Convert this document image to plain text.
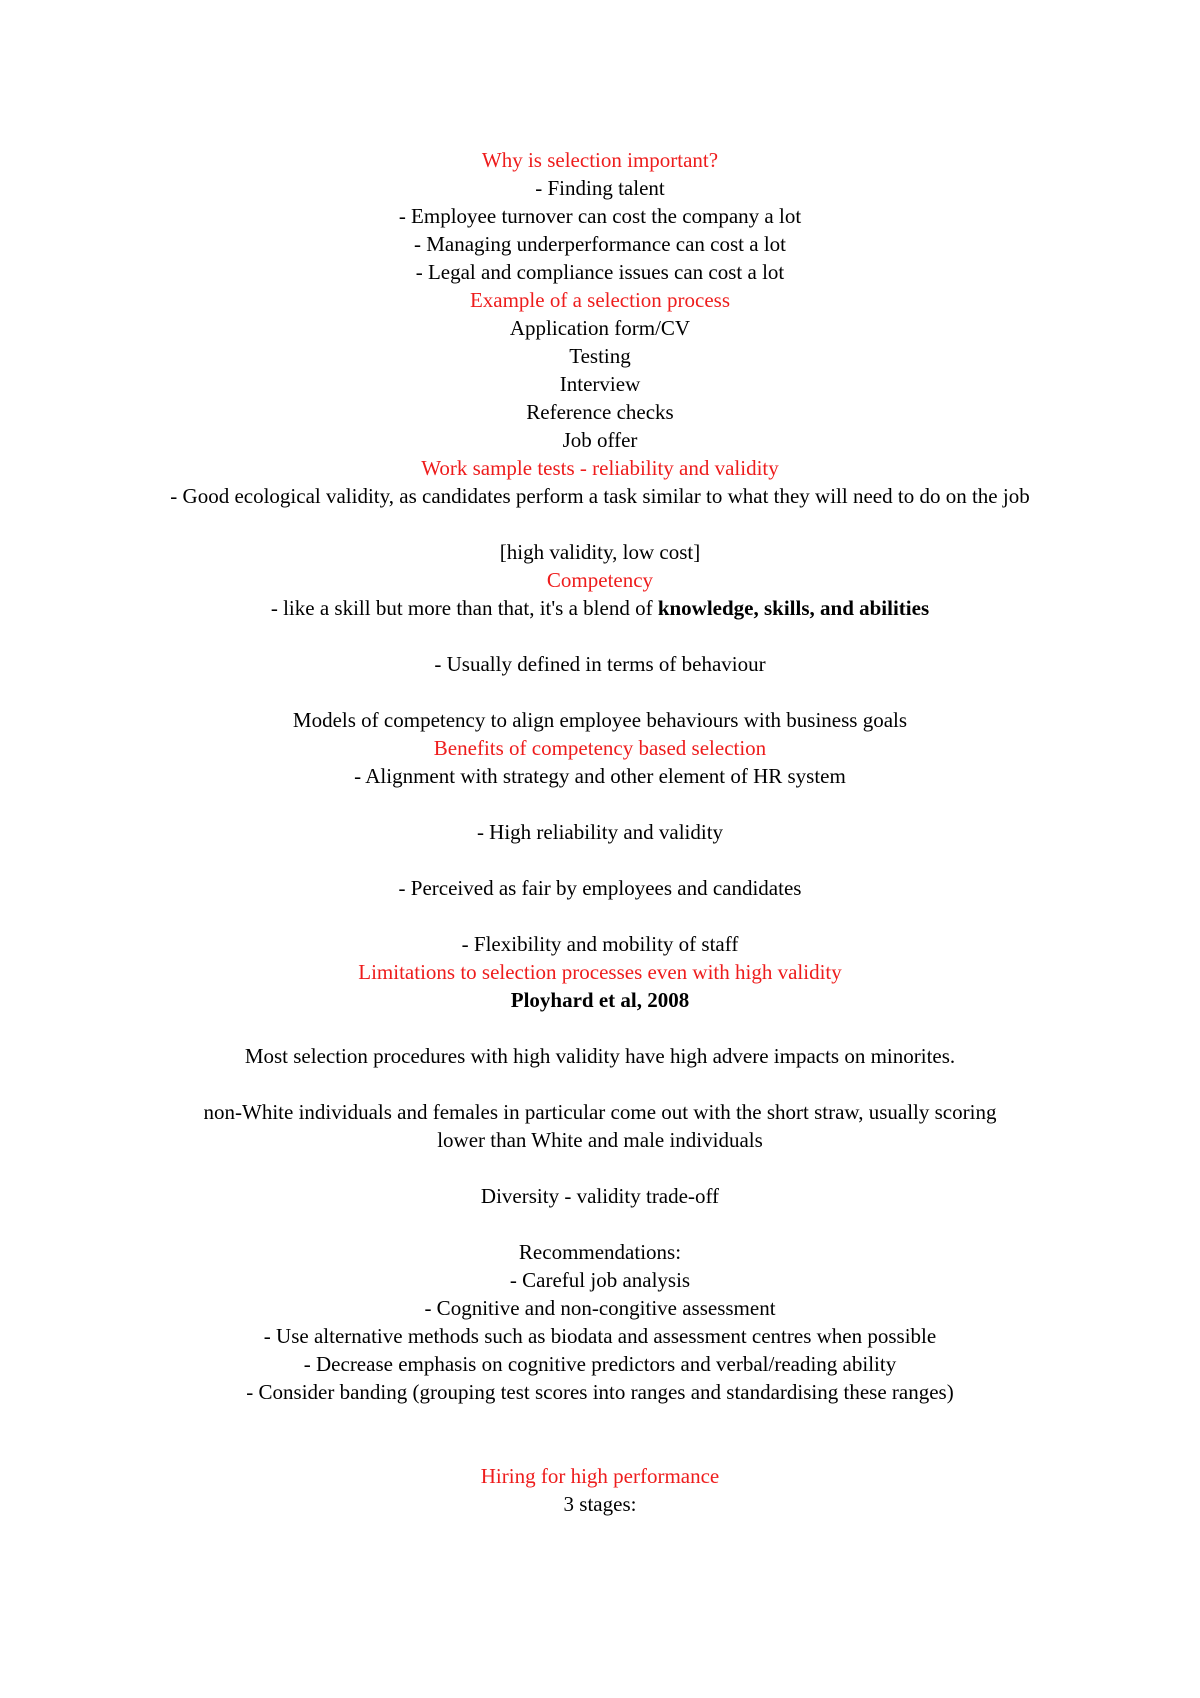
Why is selection important?
- Finding talent
- Employee turnover can cost the company a lot
- Managing underperformance can cost a lot
- Legal and compliance issues can cost a lot
Example of a selection process
Application form/CV
Testing
Interview
Reference checks
Job offer
Work sample tests - reliability and validity
- Good ecological validity, as candidates perform a task similar to what they will need to do on the job
[high validity, low cost]
Competency
- like a skill but more than that, it's a blend of knowledge, skills, and abilities
- Usually defined in terms of behaviour
Models of competency to align employee behaviours with business goals
Benefits of competency based selection
- Alignment with strategy and other element of HR system
- High reliability and validity
- Perceived as fair by employees and candidates
- Flexibility and mobility of staff
Limitations to selection processes even with high validity
Ployhard et al, 2008
Most selection procedures with high validity have high advere impacts on minorites.
non-White individuals and females in particular come out with the short straw, usually scoring lower than White and male individuals
Diversity - validity trade-off
Recommendations:
- Careful job analysis
- Cognitive and non-congitive assessment
- Use alternative methods such as biodata and assessment centres when possible
- Decrease emphasis on cognitive predictors and verbal/reading ability
- Consider banding (grouping test scores into ranges and standardising these ranges)
Hiring for high performance
3 stages:
